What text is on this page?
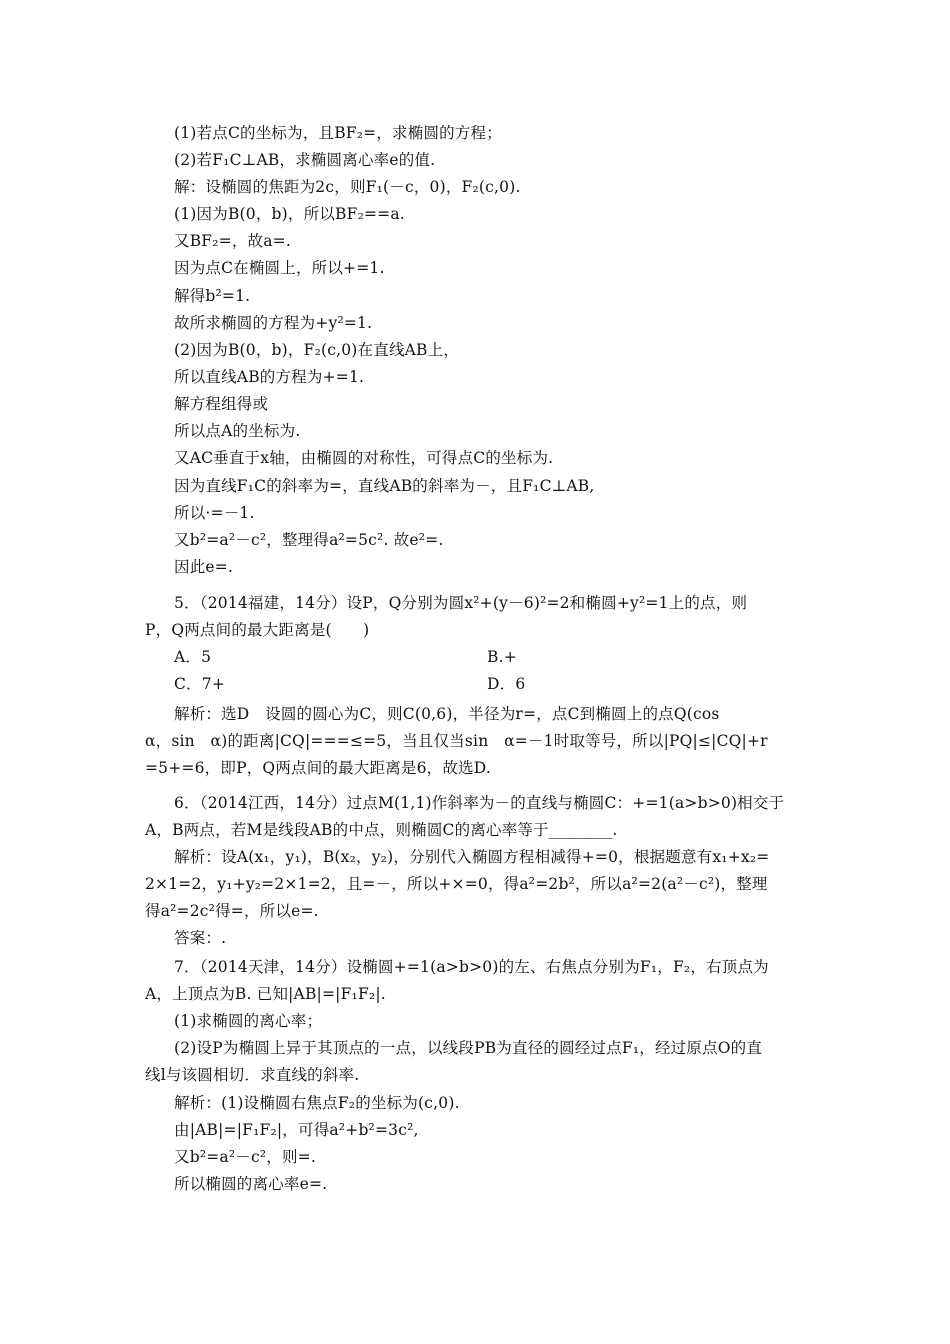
(1)若点C的坐标为，且BF₂=，求椭圆的方程；
(2)若F₁C⊥AB，求椭圆离心率e的值.
解：设椭圆的焦距为2c，则F₁(－c，0)，F₂(c,0).
(1)因为B(0，b)，所以BF₂==a.
又BF₂=，故a=.
因为点C在椭圆上，所以+=1.
解得b²=1.
故所求椭圆的方程为+y²=1.
(2)因为B(0，b)，F₂(c,0)在直线AB上，
所以直线AB的方程为+=1.
解方程组得或
所以点A的坐标为.
又AC垂直于x轴，由椭圆的对称性，可得点C的坐标为.
因为直线F₁C的斜率为=，直线AB的斜率为－，且F₁C⊥AB,
所以·=－1.
又b²=a²－c²，整理得a²=5c². 故e²=.
因此e=.
5．（2014福建，14分）设P，Q分别为圆x²+(y－6)²=2和椭圆+y²=1上的点，则
P，Q两点间的最大距离是(　　)
A．5	B.+
C．7+	D．6
解析：选D　设圆的圆心为C，则C(0,6)，半径为r=，点C到椭圆上的点Q(cos
α，sin　α)的距离|CQ|===≤=5，当且仅当sin　α=－1时取等号，所以|PQ|≤|CQ|+r
=5+=6，即P，Q两点间的最大距离是6，故选D.
6．（2014江西，14分）过点M(1,1)作斜率为－的直线与椭圆C：+=1(a>b>0)相交于
A，B两点，若M是线段AB的中点，则椭圆C的离心率等于________.
解析：设A(x₁，y₁)，B(x₂，y₂)，分别代入椭圆方程相减得+=0，根据题意有x₁+x₂=
2×1=2，y₁+y₂=2×1=2，且=－，所以+×=0，得a²=2b²，所以a²=2(a²－c²)，整理
得a²=2c²得=，所以e=.
答案：.
7．（2014天津，14分）设椭圆+=1(a>b>0)的左、右焦点分别为F₁，F₂，右顶点为
A，上顶点为B. 已知|AB|=|F₁F₂|.
(1)求椭圆的离心率；
(2)设P为椭圆上异于其顶点的一点，以线段PB为直径的圆经过点F₁，经过原点O的直
线l与该圆相切．求直线的斜率.
解析：(1)设椭圆右焦点F₂的坐标为(c,0).
由|AB|=|F₁F₂|，可得a²+b²=3c²,
又b²=a²－c²，则=.
所以椭圆的离心率e=.
